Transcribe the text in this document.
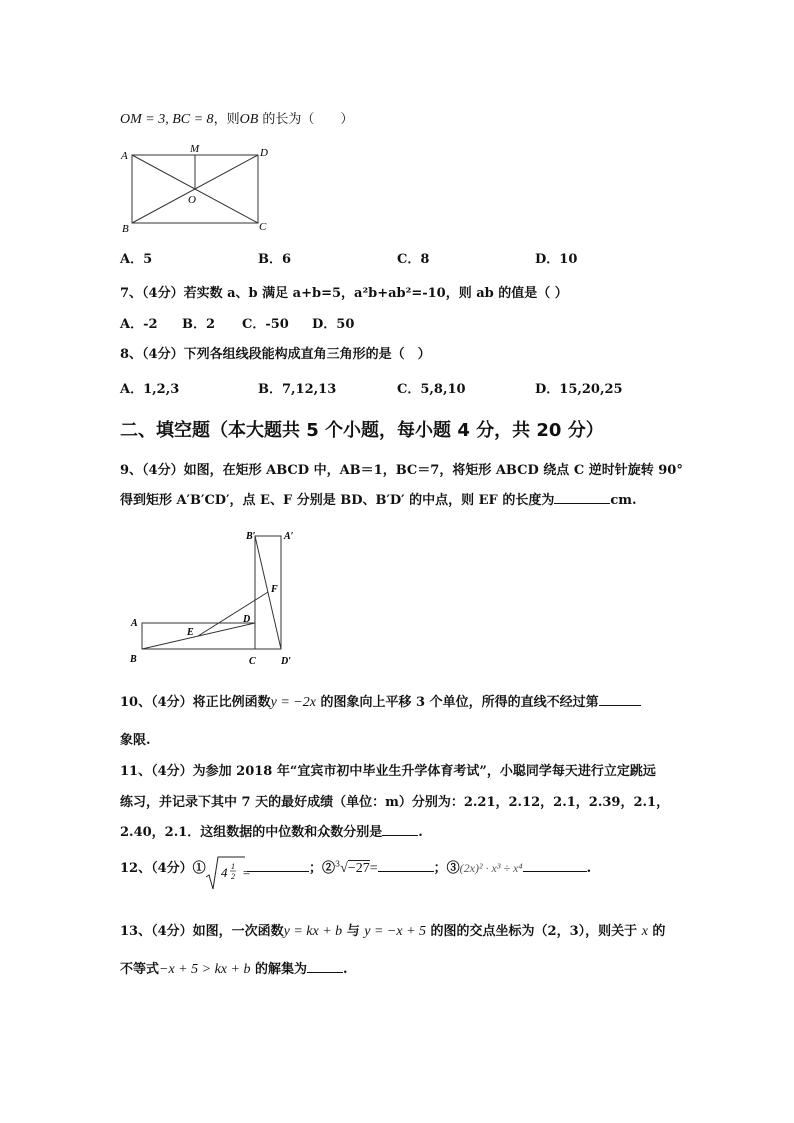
OM = 3, BC = 8，则OB 的长为（　　）
A
M	D
O
B	C
A．5	B．6	C．8	D．10
7、（4分）若实数 a、b 满足 a+b=5，a²b+ab²=-10，则 ab 的值是（ ）
A．-2 B．2 C．-50 D．50
8、（4分）下列各组线段能构成直角三角形的是（　）
A．1,2,3	B．7,12,13	C．5,8,10	D．15,20,25
二、填空题（本大题共 5 个小题，每小题 4 分，共 20 分）
9、（4分）如图，在矩形 ABCD 中，AB＝1，BC＝7，将矩形 ABCD 绕点 C 逆时针旋转 90°
得到矩形 A′B′CD′，点 E、F 分别是 BD、B′D′ 的中点，则 EF 的长度为	cm.
B′	A′
F
A
E
D
B	C	D′
10、（4分）将正比例函数y = −2x 的图象向上平移 3 个单位，所得的直线不经过第
象限.
11、（4分）为参加 2018 年“宜宾市初中毕业生升学体育考试”，小聪同学每天进行立定跳远
练习，并记录下其中 7 天的最好成绩（单位：m）分别为：2.21，2.12，2.1，2.39，2.1，
2.40，2.1．这组数据的中位数和众数分别是	.
12、（4分）① 4 1
2 =	；②$^3$√−27=	；③(2x)² · x³ ÷ x⁴	.
13、（4分）如图，一次函数y = kx + b 与 y = −x + 5 的图的交点坐标为（2，3），则关于 x 的
不等式−x + 5 > kx + b 的解集为	.
